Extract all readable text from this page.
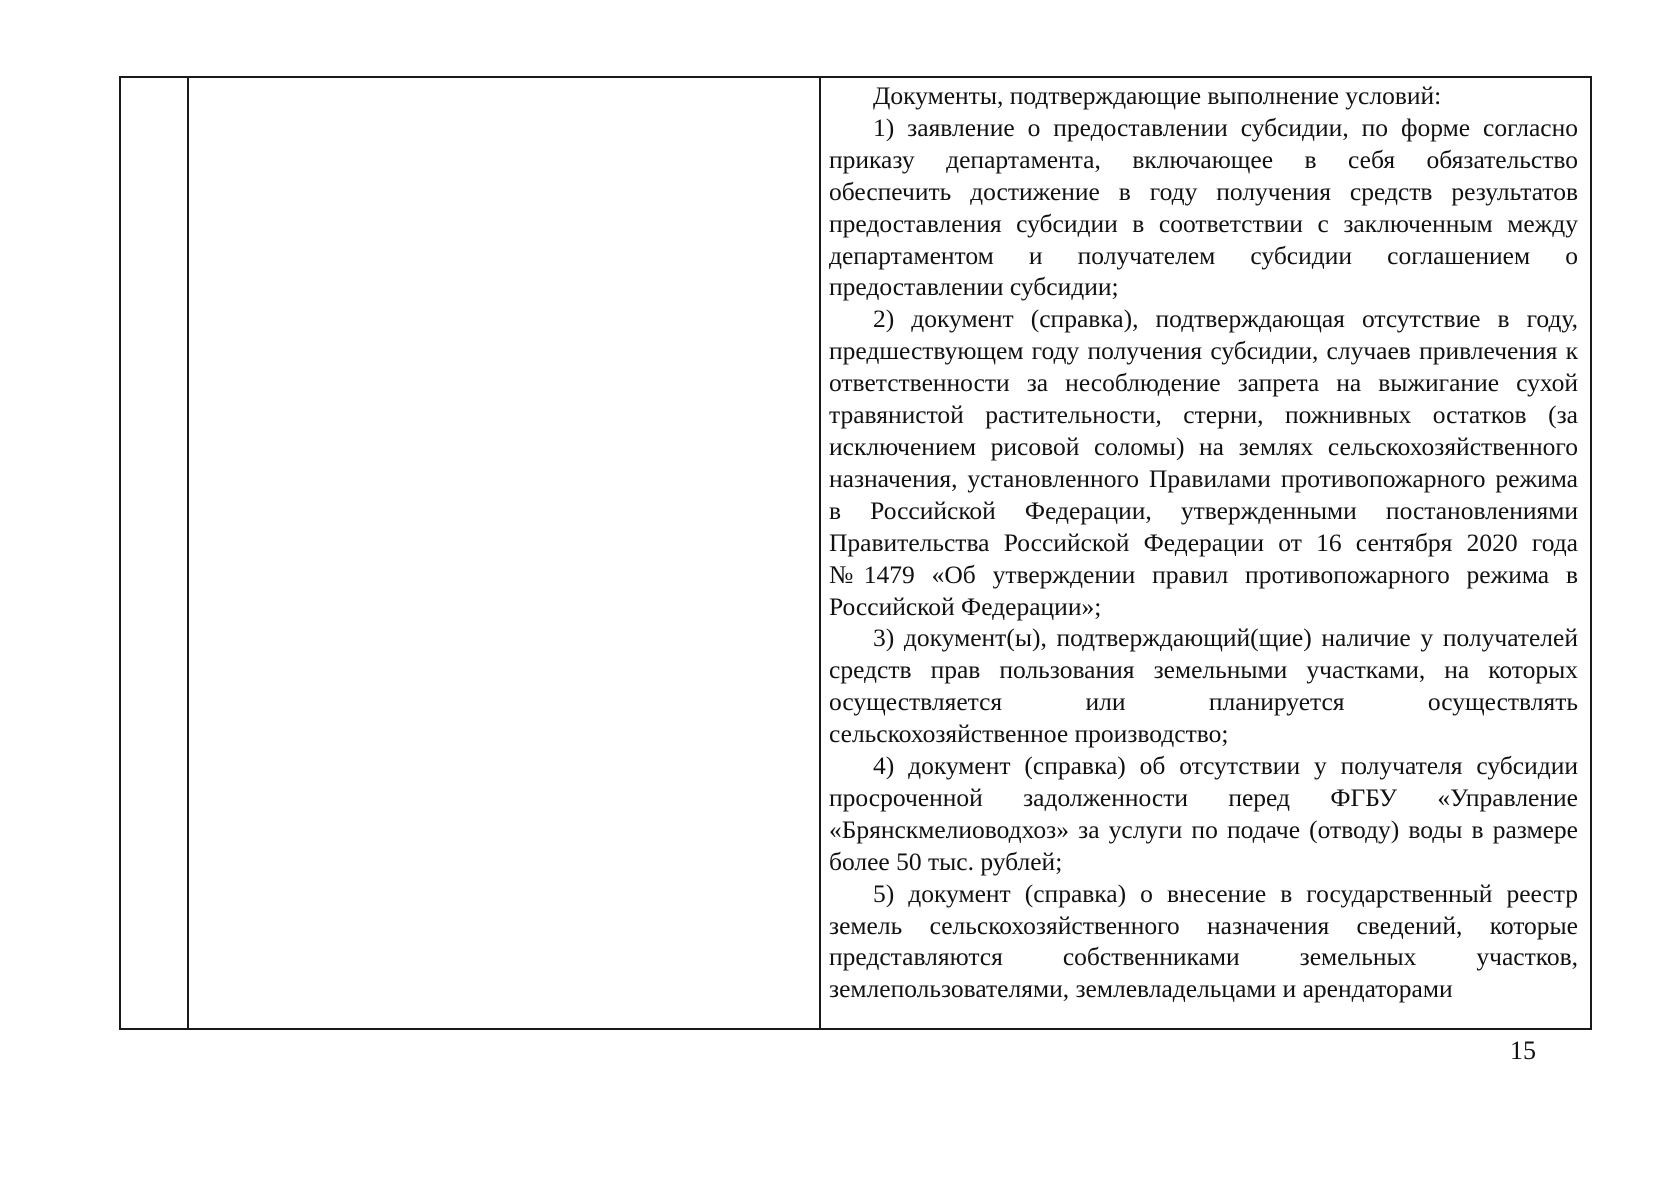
Документы, подтверждающие выполнение условий:

1) заявление о предоставлении субсидии, по форме согласно приказу департамента, включающее в себя обязательство обеспечить достижение в году получения средств результатов предоставления субсидии в соответствии с заключенным между департаментом и получателем субсидии соглашением о предоставлении субсидии;

2) документ (справка), подтверждающая отсутствие в году, предшествующем году получения субсидии, случаев привлечения к ответственности за несоблюдение запрета на выжигание сухой травянистой растительности, стерни, пожнивных остатков (за исключением рисовой соломы) на землях сельскохозяйственного назначения, установленного Правилами противопожарного режима в Российской Федерации, утвержденными постановлениями Правительства Российской Федерации от 16 сентября 2020 года №1479 «Об утверждении правил противопожарного режима в Российской Федерации»;

3) документ(ы), подтверждающий(щие) наличие у получателей средств прав пользования земельными участками, на которых осуществляется или планируется осуществлять сельскохозяйственное производство;

4) документ (справка) об отсутствии у получателя субсидии просроченной задолженности перед ФГБУ «Управление «Брянскмелиоводхоз» за услуги по подаче (отводу) воды в размере более 50 тыс. рублей;

5) документ (справка) о внесение в государственный реестр земель сельскохозяйственного назначения сведений, которые представляются собственниками земельных участков, землепользователями, землевладельцами и арендаторами

15
